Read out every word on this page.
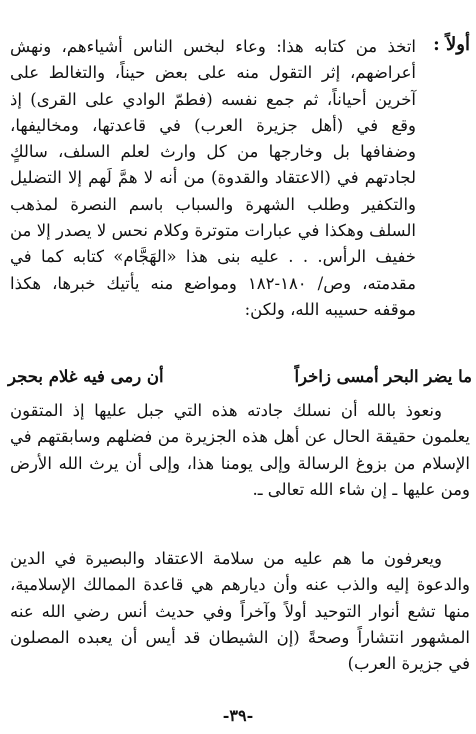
أولاً :

اتخذ من كتابه هذا: وعاء لبخس الناس أشياءهم، ونهش أعراضهم، إثر التقول منه على بعض حيناً، والتغالط على آخرين أحياناً، ثم جمع نفسه (فطمّ الوادي على القرى) إذ وقع في (أهل جزيرة العرب) في قاعدتها، ومخاليفها، وضفافها بل وخارجها من كل وارث لعلم السلف، سالكٍ لجادتهم في (الاعتقاد والقدوة) من أنه لا همَّ لَهم إلا التضليل والتكفير وطلب الشهرة والسباب باسم النصرة لمذهب السلف وهكذا في عبارات متوترة وكلام نحس لا يصدر إلا من خفيف الرأس. . . عليه بنى هذا «الهَجَّام» كتابه كما في مقدمته، وص/ ١٨٠-١٨٢ ومواضع منه يأتيك خبرها، هكذا موقفه حسيبه الله، ولكن:

ما يضر البحر أمسى زاخراً
أن رمى فيه غلام بحجر

ونعوذ بالله أن نسلك جادته هذه التي جبل عليها إذ المتقون يعلمون حقيقة الحال عن أهل هذه الجزيرة من فضلهم وسابقتهم في الإسلام من بزوغ الرسالة وإلى يومنا هذا، وإلى أن يرث الله الأرض ومن عليها ـ إن شاء الله تعالى ـ.

ويعرفون ما هم عليه من سلامة الاعتقاد والبصيرة في الدين والدعوة إليه والذب عنه وأن ديارهم هي قاعدة الممالك الإسلامية، منها تشع أنوار التوحيد أولاً وآخراً وفي حديث أنس رضي الله عنه المشهور انتشاراً وصحةً (إن الشيطان قد أيس أن يعبده المصلون في جزيرة العرب)

-٣٩-
